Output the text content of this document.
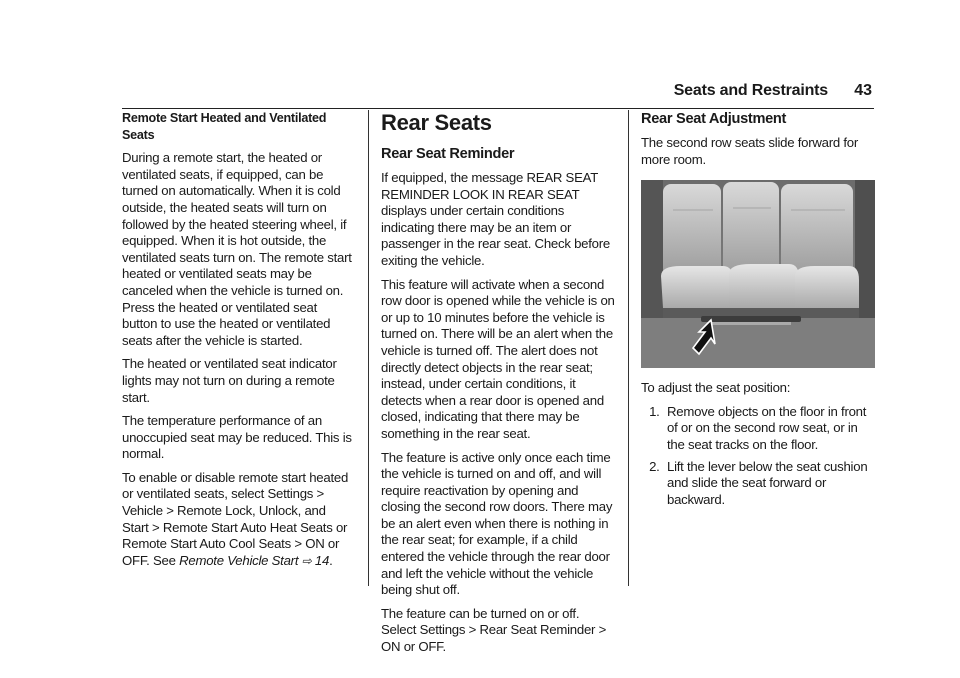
Seats and Restraints 43

Remote Start Heated and Ventilated Seats

During a remote start, the heated or ventilated seats, if equipped, can be turned on automatically. When it is cold outside, the heated seats will turn on followed by the heated steering wheel, if equipped. When it is hot outside, the ventilated seats turn on. The remote start heated or ventilated seats may be canceled when the vehicle is turned on. Press the heated or ventilated seat button to use the heated or ventilated seats after the vehicle is started.

The heated or ventilated seat indicator lights may not turn on during a remote start.

The temperature performance of an unoccupied seat may be reduced. This is normal.

To enable or disable remote start heated or ventilated seats, select Settings > Vehicle > Remote Lock, Unlock, and Start > Remote Start Auto Heat Seats or Remote Start Auto Cool Seats > ON or OFF. See Remote Vehicle Start ⇨ 14.

Rear Seats
Rear Seat Reminder

If equipped, the message REAR SEAT REMINDER LOOK IN REAR SEAT displays under certain conditions indicating there may be an item or passenger in the rear seat. Check before exiting the vehicle.

This feature will activate when a second row door is opened while the vehicle is on or up to 10 minutes before the vehicle is turned on. There will be an alert when the vehicle is turned off. The alert does not directly detect objects in the rear seat; instead, under certain conditions, it detects when a rear door is opened and closed, indicating that there may be something in the rear seat.

The feature is active only once each time the vehicle is turned on and off, and will require reactivation by opening and closing the second row doors. There may be an alert even when there is nothing in the rear seat; for example, if a child entered the vehicle through the rear door and left the vehicle without the vehicle being shut off.

The feature can be turned on or off. Select Settings > Rear Seat Reminder > ON or OFF.

Rear Seat Adjustment

The second row seats slide forward for more room.

To adjust the seat position:

1. Remove objects on the floor in front of or on the second row seat, or in the seat tracks on the floor.
2. Lift the lever below the seat cushion and slide the seat forward or backward.
